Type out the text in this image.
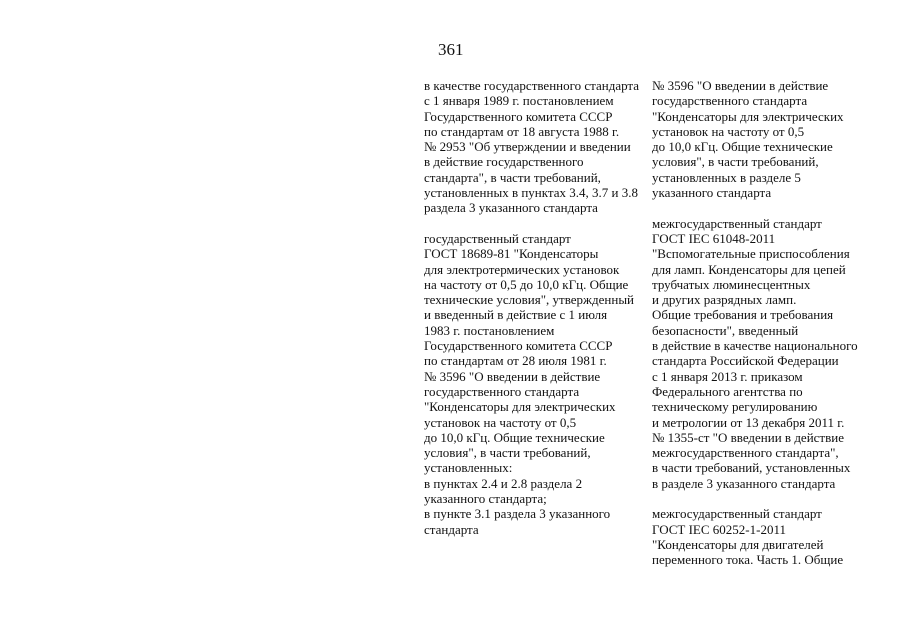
361

в качестве государственного стандарта
с 1 января 1989 г. постановлением
Государственного комитета СССР
по стандартам от 18 августа 1988 г.
№ 2953 "Об утверждении и введении
в действие государственного
стандарта", в части требований,
установленных в пунктах 3.4, 3.7 и 3.8
раздела 3 указанного стандарта

государственный стандарт
ГОСТ 18689-81 "Конденсаторы
для электротермических установок
на частоту от 0,5 до 10,0 кГц. Общие
технические условия", утвержденный
и введенный в действие с 1 июля
1983 г. постановлением
Государственного комитета СССР
по стандартам от 28 июля 1981 г.
№ 3596 "О введении в действие
государственного стандарта
"Конденсаторы для электрических
установок на частоту от 0,5
до 10,0 кГц. Общие технические
условия", в части требований,
установленных:
в пунктах 2.4 и 2.8 раздела 2
указанного стандарта;
в пункте 3.1 раздела 3 указанного
стандарта

№ 3596 "О введении в действие
государственного стандарта
"Конденсаторы для электрических
установок на частоту от 0,5
до 10,0 кГц. Общие технические
условия", в части требований,
установленных в разделе 5
указанного стандарта

межгосударственный стандарт
ГОСТ IEC 61048-2011
"Вспомогательные приспособления
для ламп. Конденсаторы для цепей
трубчатых люминесцентных
и других разрядных ламп.
Общие требования и требования
безопасности", введенный
в действие в качестве национального
стандарта Российской Федерации
с 1 января 2013 г. приказом
Федерального агентства по
техническому регулированию
и метрологии от 13 декабря 2011 г.
№ 1355-ст "О введении в действие
межгосударственного стандарта",
в части требований, установленных
в разделе 3 указанного стандарта

межгосударственный стандарт
ГОСТ IEC 60252-1-2011
"Конденсаторы для двигателей
переменного тока. Часть 1. Общие
